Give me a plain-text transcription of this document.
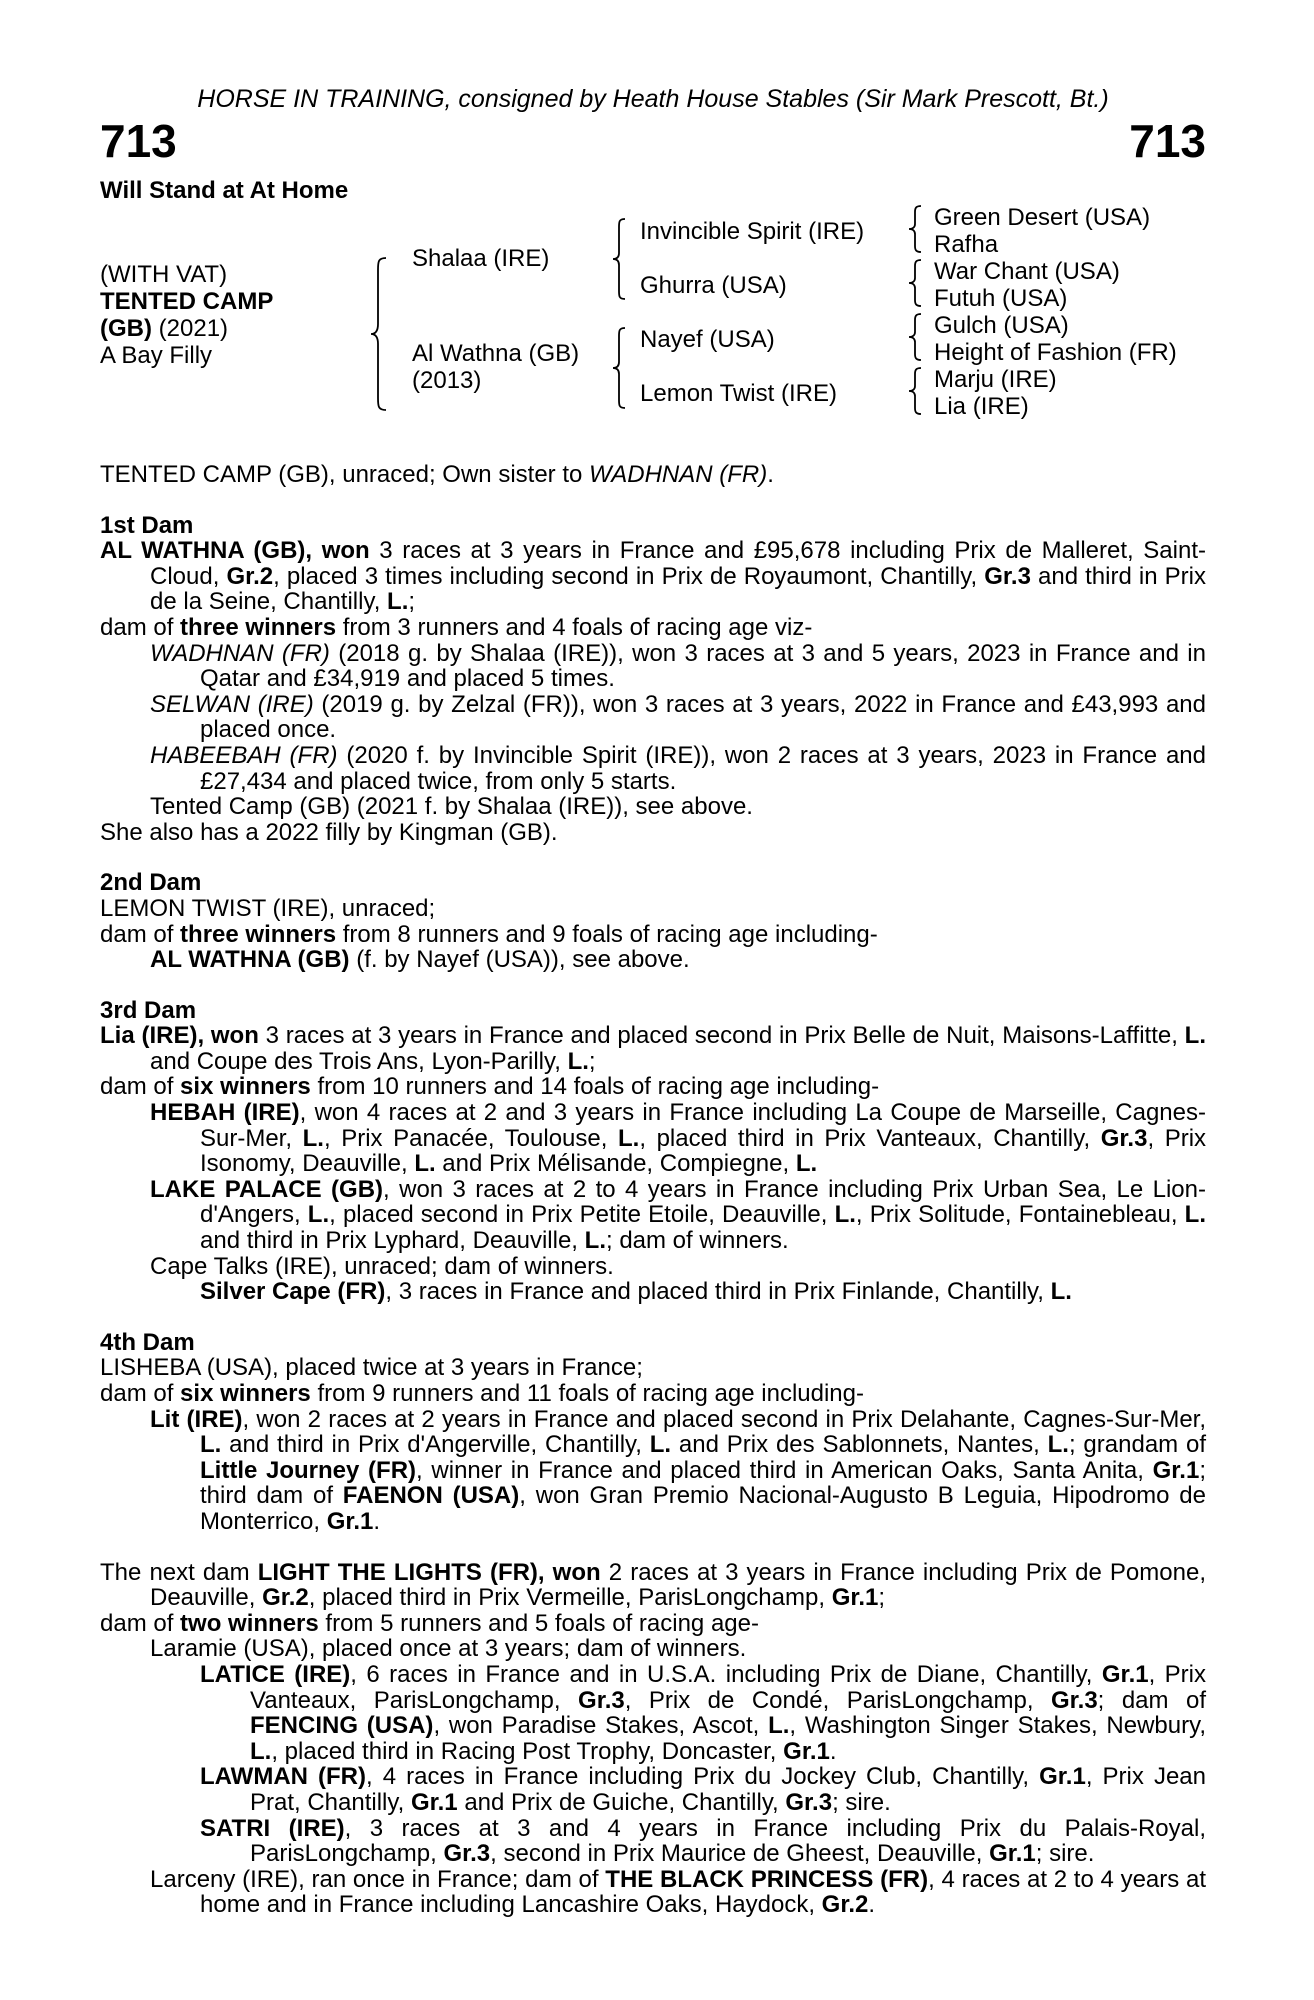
HORSE IN TRAINING, consigned by Heath House Stables (Sir Mark Prescott, Bt.)
713	713
Will Stand at At Home
(WITH VAT)
TENTED CAMP
(GB) (2021)
A Bay Filly
Shalaa (IRE)
Al Wathna (GB)
(2013)
Invincible Spirit (IRE)
Ghurra (USA)
Nayef (USA)
Lemon Twist (IRE)
Green Desert (USA)
Rafha
War Chant (USA)
Futuh (USA)
Gulch (USA)
Height of Fashion (FR)
Marju (IRE)
Lia (IRE)

TENTED CAMP (GB), unraced; Own sister to WADHNAN (FR).

1st Dam

AL WATHNA (GB), won 3 races at 3 years in France and £95,678 including Prix de Malleret, Saint-Cloud, Gr.2, placed 3 times including second in Prix de Royaumont, Chantilly, Gr.3 and third in Prix de la Seine, Chantilly, L.;

dam of three winners from 3 runners and 4 foals of racing age viz-

WADHNAN (FR) (2018 g. by Shalaa (IRE)), won 3 races at 3 and 5 years, 2023 in France and in Qatar and £34,919 and placed 5 times.

SELWAN (IRE) (2019 g. by Zelzal (FR)), won 3 races at 3 years, 2022 in France and £43,993 and placed once.

HABEEBAH (FR) (2020 f. by Invincible Spirit (IRE)), won 2 races at 3 years, 2023 in France and £27,434 and placed twice, from only 5 starts.

Tented Camp (GB) (2021 f. by Shalaa (IRE)), see above.

She also has a 2022 filly by Kingman (GB).

2nd Dam

LEMON TWIST (IRE), unraced;

dam of three winners from 8 runners and 9 foals of racing age including-

AL WATHNA (GB) (f. by Nayef (USA)), see above.

3rd Dam

Lia (IRE), won 3 races at 3 years in France and placed second in Prix Belle de Nuit, Maisons-Laffitte, L. and Coupe des Trois Ans, Lyon-Parilly, L.;

dam of six winners from 10 runners and 14 foals of racing age including-

HEBAH (IRE), won 4 races at 2 and 3 years in France including La Coupe de Marseille, Cagnes-Sur-Mer, L., Prix Panacée, Toulouse, L., placed third in Prix Vanteaux, Chantilly, Gr.3, Prix Isonomy, Deauville, L. and Prix Mélisande, Compiegne, L.

LAKE PALACE (GB), won 3 races at 2 to 4 years in France including Prix Urban Sea, Le Lion-d'Angers, L., placed second in Prix Petite Etoile, Deauville, L., Prix Solitude, Fontainebleau, L. and third in Prix Lyphard, Deauville, L.; dam of winners.

Cape Talks (IRE), unraced; dam of winners.

Silver Cape (FR), 3 races in France and placed third in Prix Finlande, Chantilly, L.

4th Dam

LISHEBA (USA), placed twice at 3 years in France;

dam of six winners from 9 runners and 11 foals of racing age including-

Lit (IRE), won 2 races at 2 years in France and placed second in Prix Delahante, Cagnes-Sur-Mer, L. and third in Prix d'Angerville, Chantilly, L. and Prix des Sablonnets, Nantes, L.; grandam of Little Journey (FR), winner in France and placed third in American Oaks, Santa Anita, Gr.1; third dam of FAENON (USA), won Gran Premio Nacional-Augusto B Leguia, Hipodromo de Monterrico, Gr.1.

The next dam LIGHT THE LIGHTS (FR), won 2 races at 3 years in France including Prix de Pomone, Deauville, Gr.2, placed third in Prix Vermeille, ParisLongchamp, Gr.1;

dam of two winners from 5 runners and 5 foals of racing age-

Laramie (USA), placed once at 3 years; dam of winners.

LATICE (IRE), 6 races in France and in U.S.A. including Prix de Diane, Chantilly, Gr.1, Prix Vanteaux, ParisLongchamp, Gr.3, Prix de Condé, ParisLongchamp, Gr.3; dam of FENCING (USA), won Paradise Stakes, Ascot, L., Washington Singer Stakes, Newbury, L., placed third in Racing Post Trophy, Doncaster, Gr.1.

LAWMAN (FR), 4 races in France including Prix du Jockey Club, Chantilly, Gr.1, Prix Jean Prat, Chantilly, Gr.1 and Prix de Guiche, Chantilly, Gr.3; sire.

SATRI (IRE), 3 races at 3 and 4 years in France including Prix du Palais-Royal, ParisLongchamp, Gr.3, second in Prix Maurice de Gheest, Deauville, Gr.1; sire.

Larceny (IRE), ran once in France; dam of THE BLACK PRINCESS (FR), 4 races at 2 to 4 years at home and in France including Lancashire Oaks, Haydock, Gr.2.
